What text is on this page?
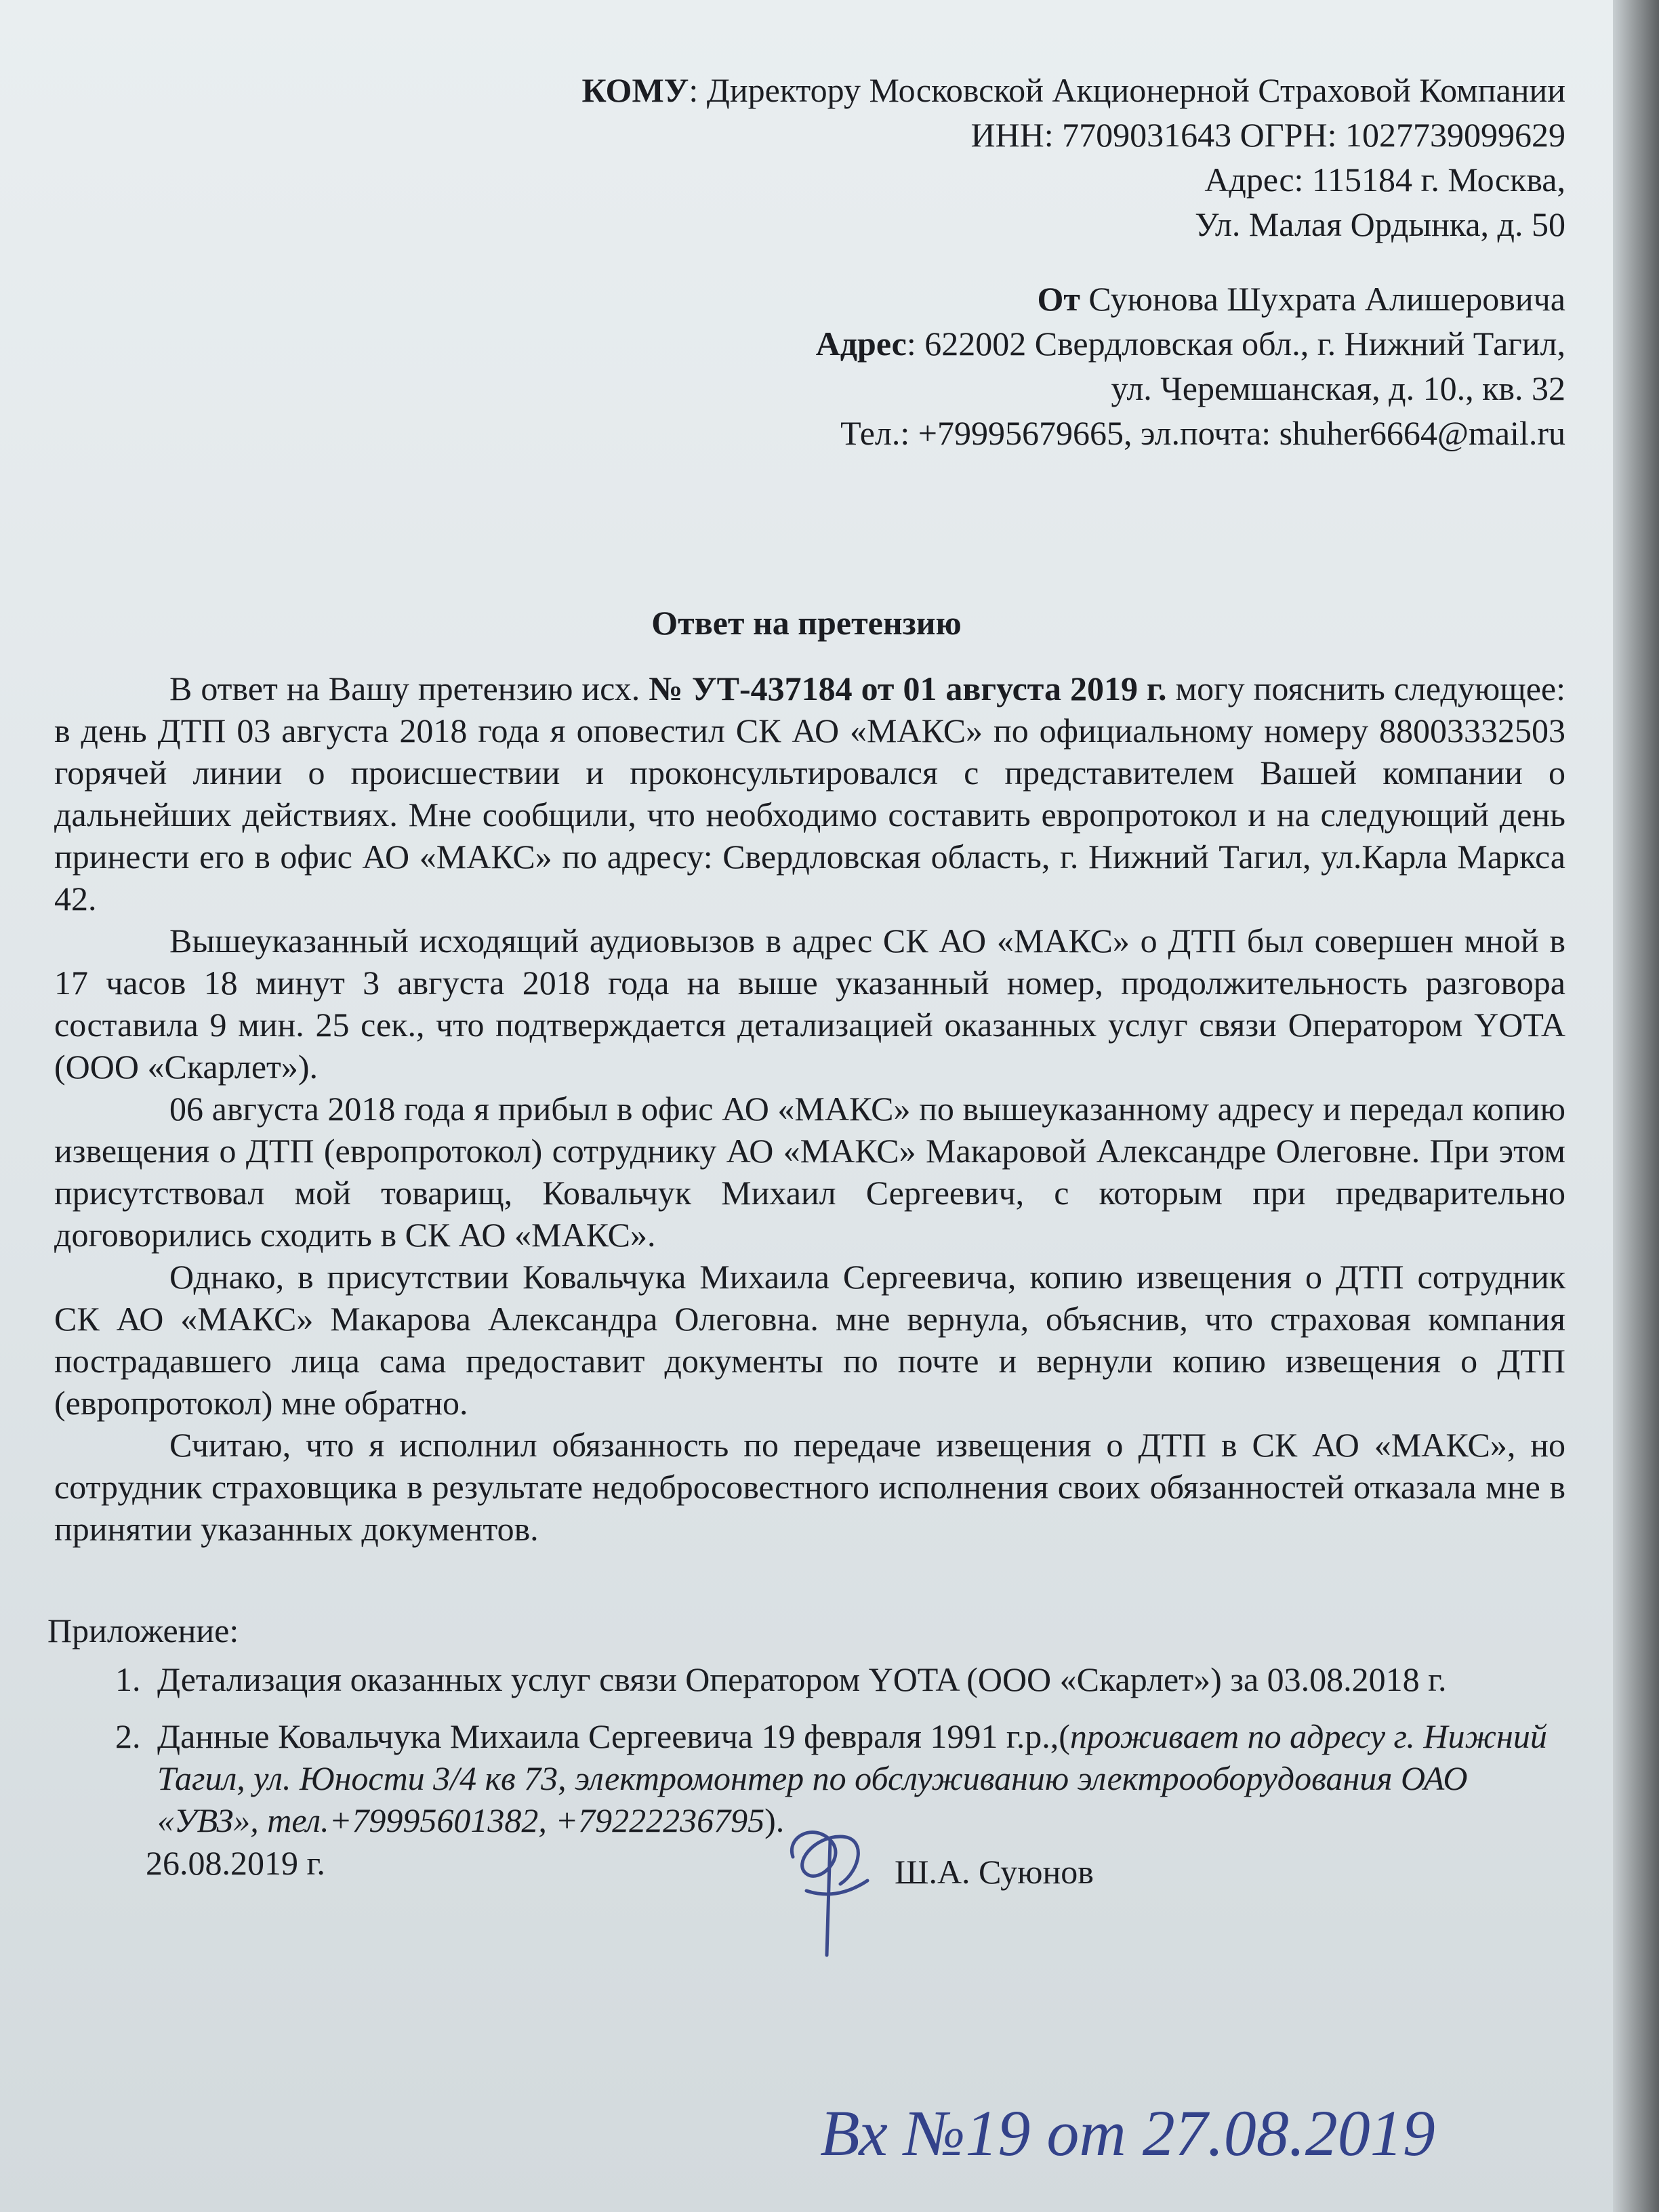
КОМУ: Директору Московской Акционерной Страховой Компании
ИНН: 7709031643 ОГРН: 1027739099629
Адрес: 115184 г. Москва,
Ул. Малая Ордынка, д. 50
От Суюнова Шухрата Алишеровича
Адрес: 622002 Свердловская обл., г. Нижний Тагил,
ул. Черемшанская, д. 10., кв. 32
Тел.: +79995679665, эл.почта: shuher6664@mail.ru
Ответ на претензию

В ответ на Вашу претензию исх. № УТ-437184 от 01 августа 2019 г. могу пояснить следующее: в день ДТП 03 августа 2018 года я оповестил СК АО «МАКС» по официальному номеру 88003332503 горячей линии о происшествии и проконсультировался с представителем Вашей компании о дальнейших действиях. Мне сообщили, что необходимо составить европротокол и на следующий день принести его в офис АО «МАКС» по адресу: Свердловская область, г. Нижний Тагил, ул.Карла Маркса 42.

Вышеуказанный исходящий аудиовызов в адрес СК АО «МАКС» о ДТП был совершен мной в 17 часов 18 минут 3 августа 2018 года на выше указанный номер, продолжительность разговора составила 9 мин. 25 сек., что подтверждается детализацией оказанных услуг связи Оператором YOTA (ООО «Скарлет»).

06 августа 2018 года я прибыл в офис АО «МАКС» по вышеуказанному адресу и передал копию извещения о ДТП (европротокол) сотруднику АО «МАКС» Макаровой Александре Олеговне. При этом присутствовал мой товарищ, Ковальчук Михаил Сергеевич, с которым при предварительно договорились сходить в СК АО «МАКС».

Однако, в присутствии Ковальчука Михаила Сергеевича, копию извещения о ДТП сотрудник СК АО «МАКС» Макарова Александра Олеговна. мне вернула, объяснив, что страховая компания пострадавшего лица сама предоставит документы по почте и вернули копию извещения о ДТП (европротокол) мне обратно.

Считаю, что я исполнил обязанность по передаче извещения о ДТП в СК АО «МАКС», но сотрудник страховщика в результате недобросовестного исполнения своих обязанностей отказала мне в принятии указанных документов.

Приложение:
1. Детализация оказанных услуг связи Оператором YOTA (ООО «Скарлет») за 03.08.2018 г.
2. Данные Ковальчука Михаила Сергеевича 19 февраля 1991 г.р.,(проживает по адресу г. Нижний Тагил, ул. Юности 3/4 кв 73, электромонтер по обслуживанию электрооборудования ОАО «УВЗ», тел.+79995601382, +79222236795).
26.08.2019 г.	Ш.А. Суюнов
Вх №19 от 27.08.2019
